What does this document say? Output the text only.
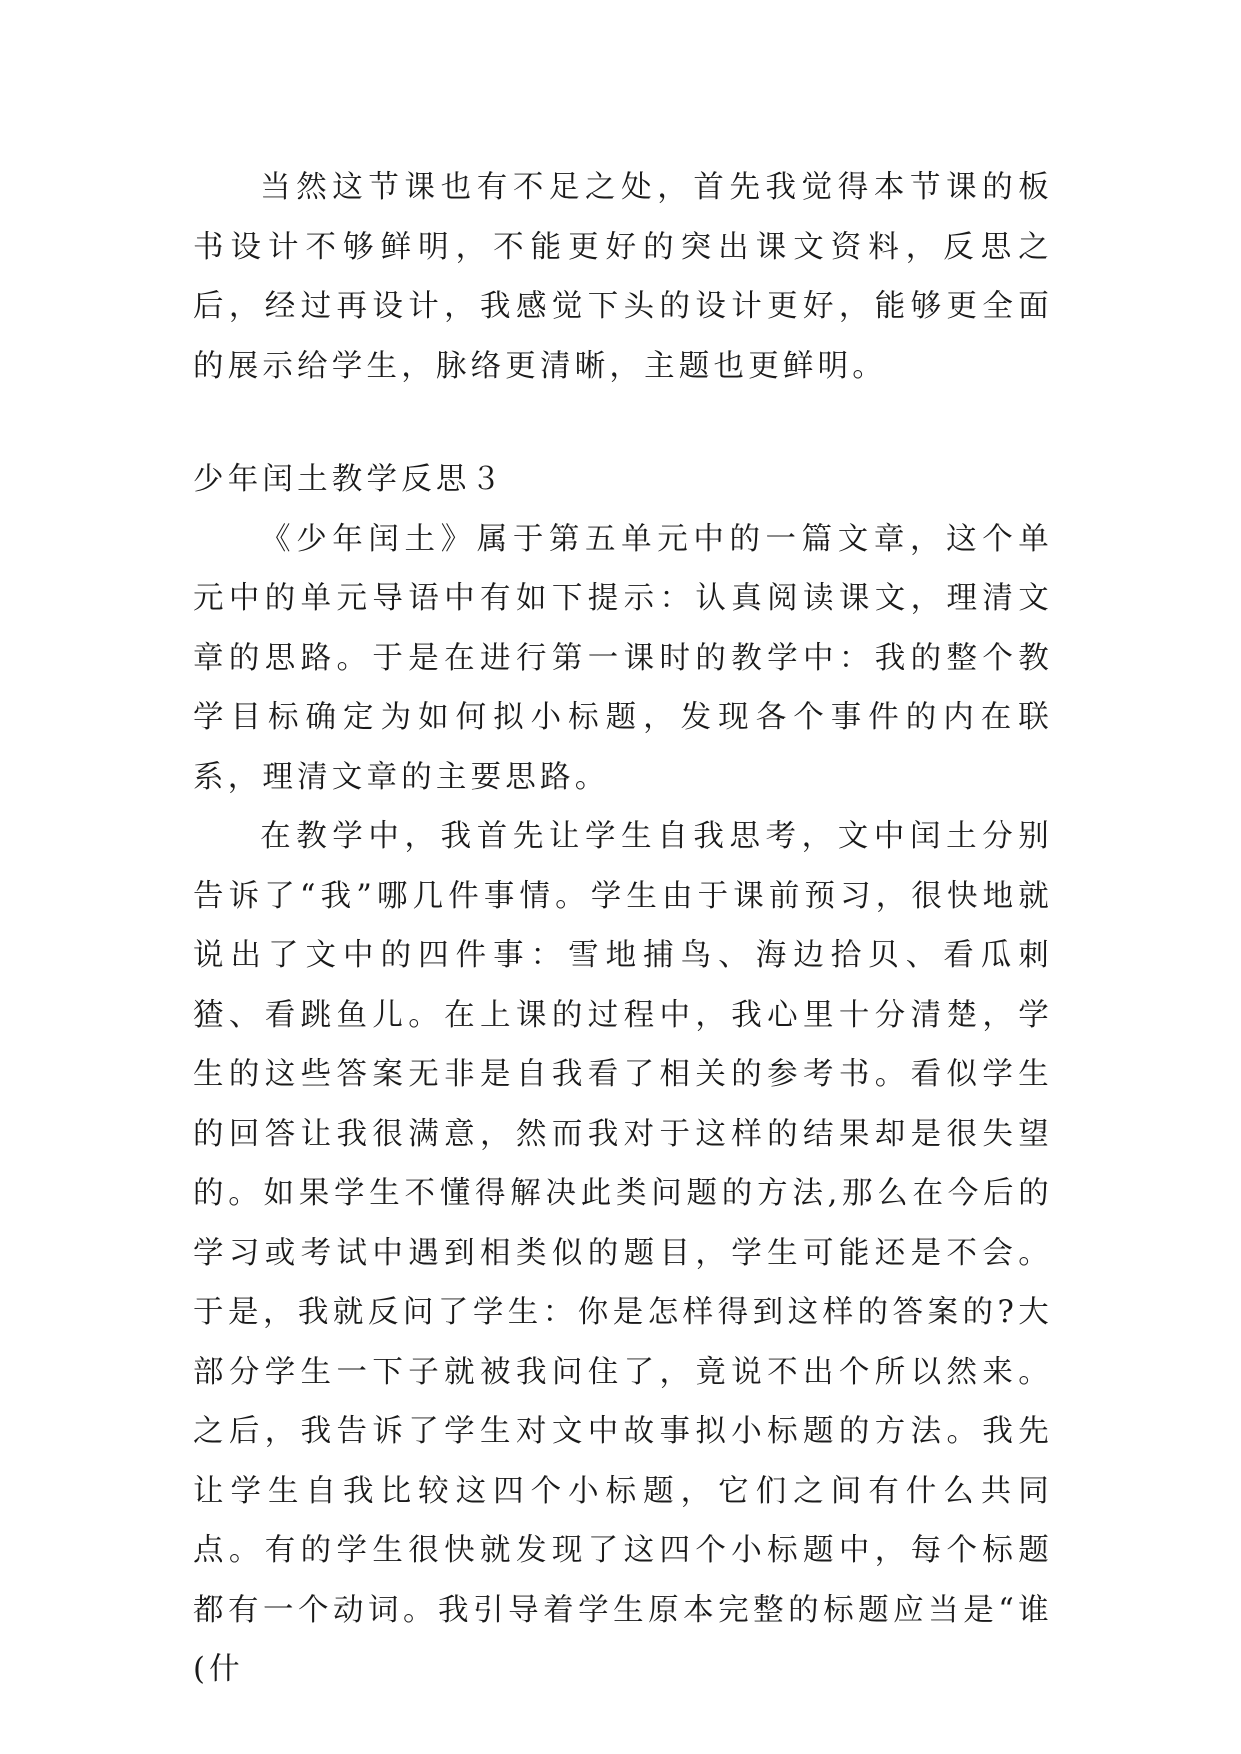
当然这节课也有不足之处，首先我觉得本节课的板书设计不够鲜明，不能更好的突出课文资料，反思之后，经过再设计，我感觉下头的设计更好，能够更全面的展示给学生，脉络更清晰，主题也更鲜明。

少年闰土教学反思３

《少年闰土》属于第五单元中的一篇文章，这个单元中的单元导语中有如下提示：认真阅读课文，理清文章的思路。于是在进行第一课时的教学中：我的整个教学目标确定为如何拟小标题，发现各个事件的内在联系，理清文章的主要思路。

在教学中，我首先让学生自我思考，文中闰土分别告诉了“我”哪几件事情。学生由于课前预习，很快地就说出了文中的四件事：雪地捕鸟、海边拾贝、看瓜刺猹、看跳鱼儿。在上课的过程中，我心里十分清楚，学生的这些答案无非是自我看了相关的参考书。看似学生的回答让我很满意，然而我对于这样的结果却是很失望的。如果学生不懂得解决此类问题的方法,那么在今后的学习或考试中遇到相类似的题目，学生可能还是不会。于是，我就反问了学生：你是怎样得到这样的答案的?大部分学生一下子就被我问住了，竟说不出个所以然来。之后，我告诉了学生对文中故事拟小标题的方法。我先让学生自我比较这四个小标题，它们之间有什么共同点。有的学生很快就发现了这四个小标题中，每个标题都有一个动词。我引导着学生原本完整的标题应当是“谁(什
